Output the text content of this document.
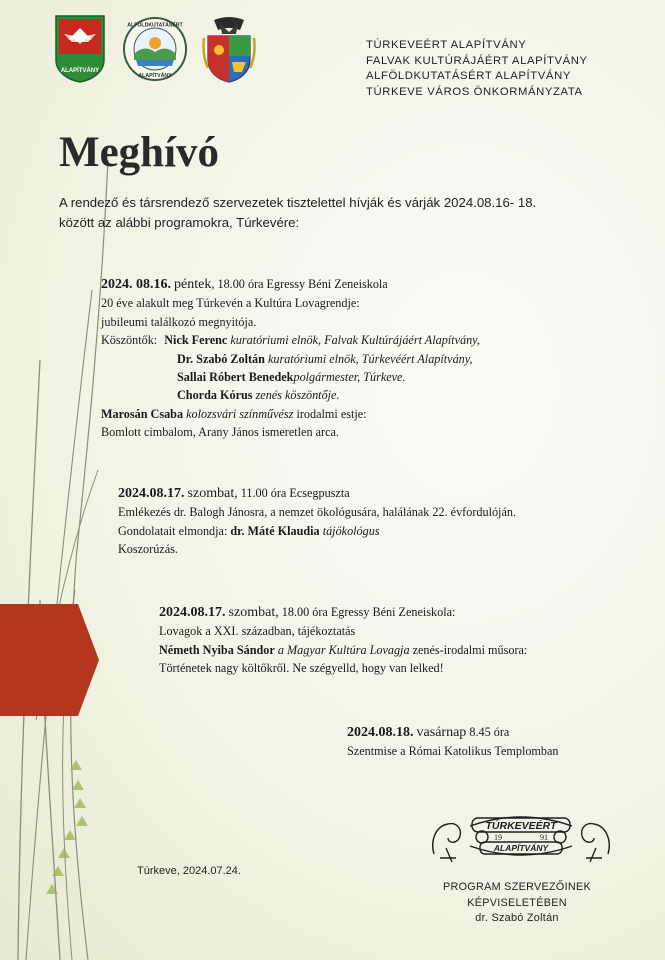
ALAPÍTVÁNY
ALFÖLDKUTATÁSÉRT
ALAPÍTVÁNY
TÚRKEVEÉRT ALAPÍTVÁNY
FALVAK KULTÚRÁJÁÉRT ALAPÍTVÁNY
ALFÖLDKUTATÁSÉRT ALAPÍTVÁNY
TÚRKEVE VÁROS ÖNKORMÁNYZATA
Meghívó
A rendező és társrendező szervezetek tisztelettel hívják és várják 2024.08.16- 18.
között az alábbi programokra, Túrkevére:
2024. 08.16. péntek, 18.00 óra Egressy Béni Zeneiskola
20 éve alakult meg Túrkevén a Kultúra Lovagrendje:
jubileumi találkozó megnyitója.
Köszöntők: Nick Ferenc kuratóriumi elnök, Falvak Kultúrájáért Alapítvány,
Dr. Szabó Zoltán kuratóriumi elnök, Túrkevéért Alapítvány,
Sallai Róbert Benedekpolgármester, Túrkeve.
Chorda Kórus zenés köszöntője.
Marosán Csaba kolozsvári színművész irodalmi estje:
Bomlott cimbalom, Arany János ismeretlen arca.
2024.08.17. szombat, 11.00 óra Ecsegpuszta
Emlékezés dr. Balogh Jánosra, a nemzet ökológusára, halálának 22. évfordulóján.
Gondolatait elmondja: dr. Máté Klaudia tájökológus
Koszorúzás.
2024.08.17. szombat, 18.00 óra Egressy Béni Zeneiskola:
Lovagok a XXI. században, tájékoztatás
Németh Nyiba Sándor a Magyar Kultúra Lovagja zenés-irodalmi műsora:
Történetek nagy költőkről. Ne szégyelld, hogy van lelked!
2024.08.18. vasárnap 8.45 óra
Szentmise a Római Katolikus Templomban
TÚRKEVEÉRT
19	91
ALAPÍTVÁNY
Túrkeve, 2024.07.24.
PROGRAM SZERVEZŐINEK KÉPVISELETÉBEN
dr. Szabó Zoltán
